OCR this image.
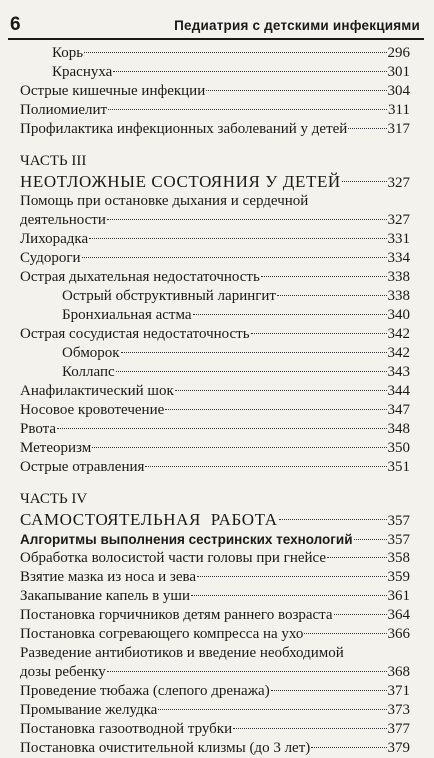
6	Педиатрия с детскими инфекциями
Корь	296
Краснуха	301
Острые кишечные инфекции	304
Полиомиелит	311
Профилактика инфекционных заболеваний у детей	317
ЧАСТЬ III
НЕОТЛОЖНЫЕ СОСТОЯНИЯ У ДЕТЕЙ	327
Помощь при остановке дыхания и сердечной
деятельности	327
Лихорадка	331
Судороги	334
Острая дыхательная недостаточность	338
Острый обструктивный ларингит	338
Бронхиальная астма	340
Острая сосудистая недостаточность	342
Обморок	342
Коллапс	343
Анафилактический шок	344
Носовое кровотечение	347
Рвота	348
Метеоризм	350
Острые отравления	351
ЧАСТЬ IV
САМОСТОЯТЕЛЬНАЯ  РАБОТА	357
Алгоритмы выполнения сестринских технологий 357
Обработка волосистой части головы при гнейсе	358
Взятие мазка из носа и зева	359
Закапывание капель в уши	361
Постановка горчичников детям раннего возраста	364
Постановка согревающего компресса на ухо	366
Разведение антибиотиков и введение необходимой
дозы ребенку	368
Проведение тюбажа (слепого дренажа)	371
Промывание желудка	373
Постановка газоотводной трубки	377
Постановка очистительной клизмы (до 3 лет)	379
